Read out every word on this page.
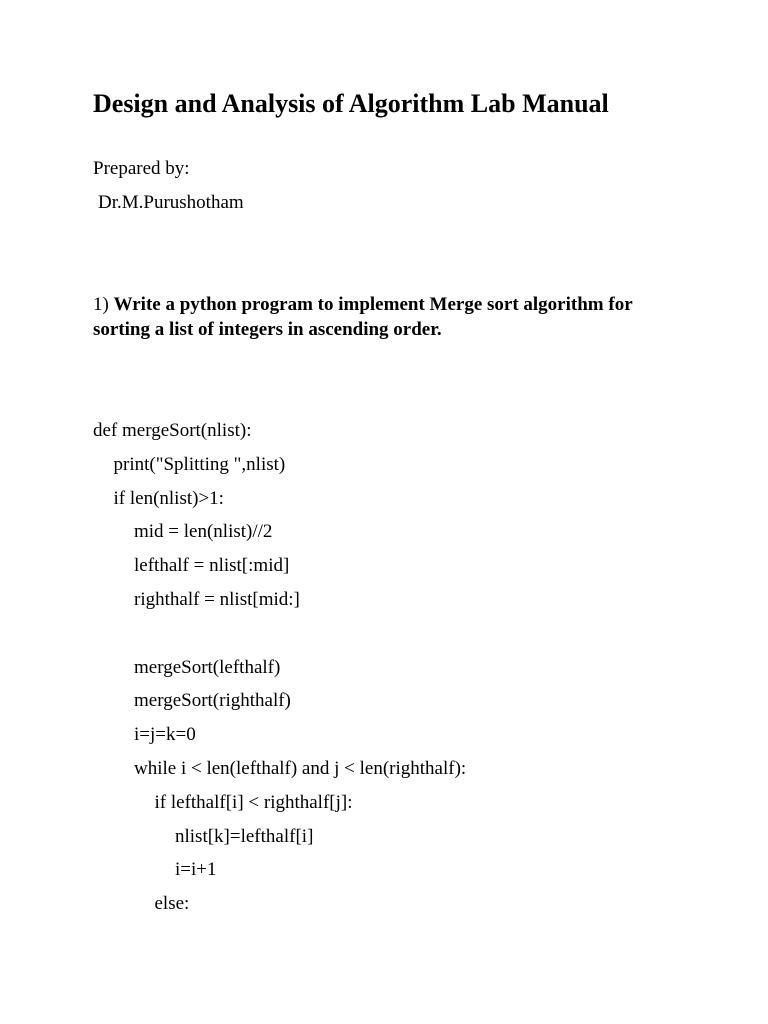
Design and Analysis of Algorithm Lab Manual
Prepared by:
Dr.M.Purushotham
1) Write a python program to implement Merge sort algorithm for sorting a list of integers in ascending order.
def mergeSort(nlist):
print("Splitting ",nlist)
if len(nlist)>1:
mid = len(nlist)//2
lefthalf = nlist[:mid]
righthalf = nlist[mid:]
mergeSort(lefthalf)
mergeSort(righthalf)
i=j=k=0
while i < len(lefthalf) and j < len(righthalf):
if lefthalf[i] < righthalf[j]:
nlist[k]=lefthalf[i]
i=i+1
else:
